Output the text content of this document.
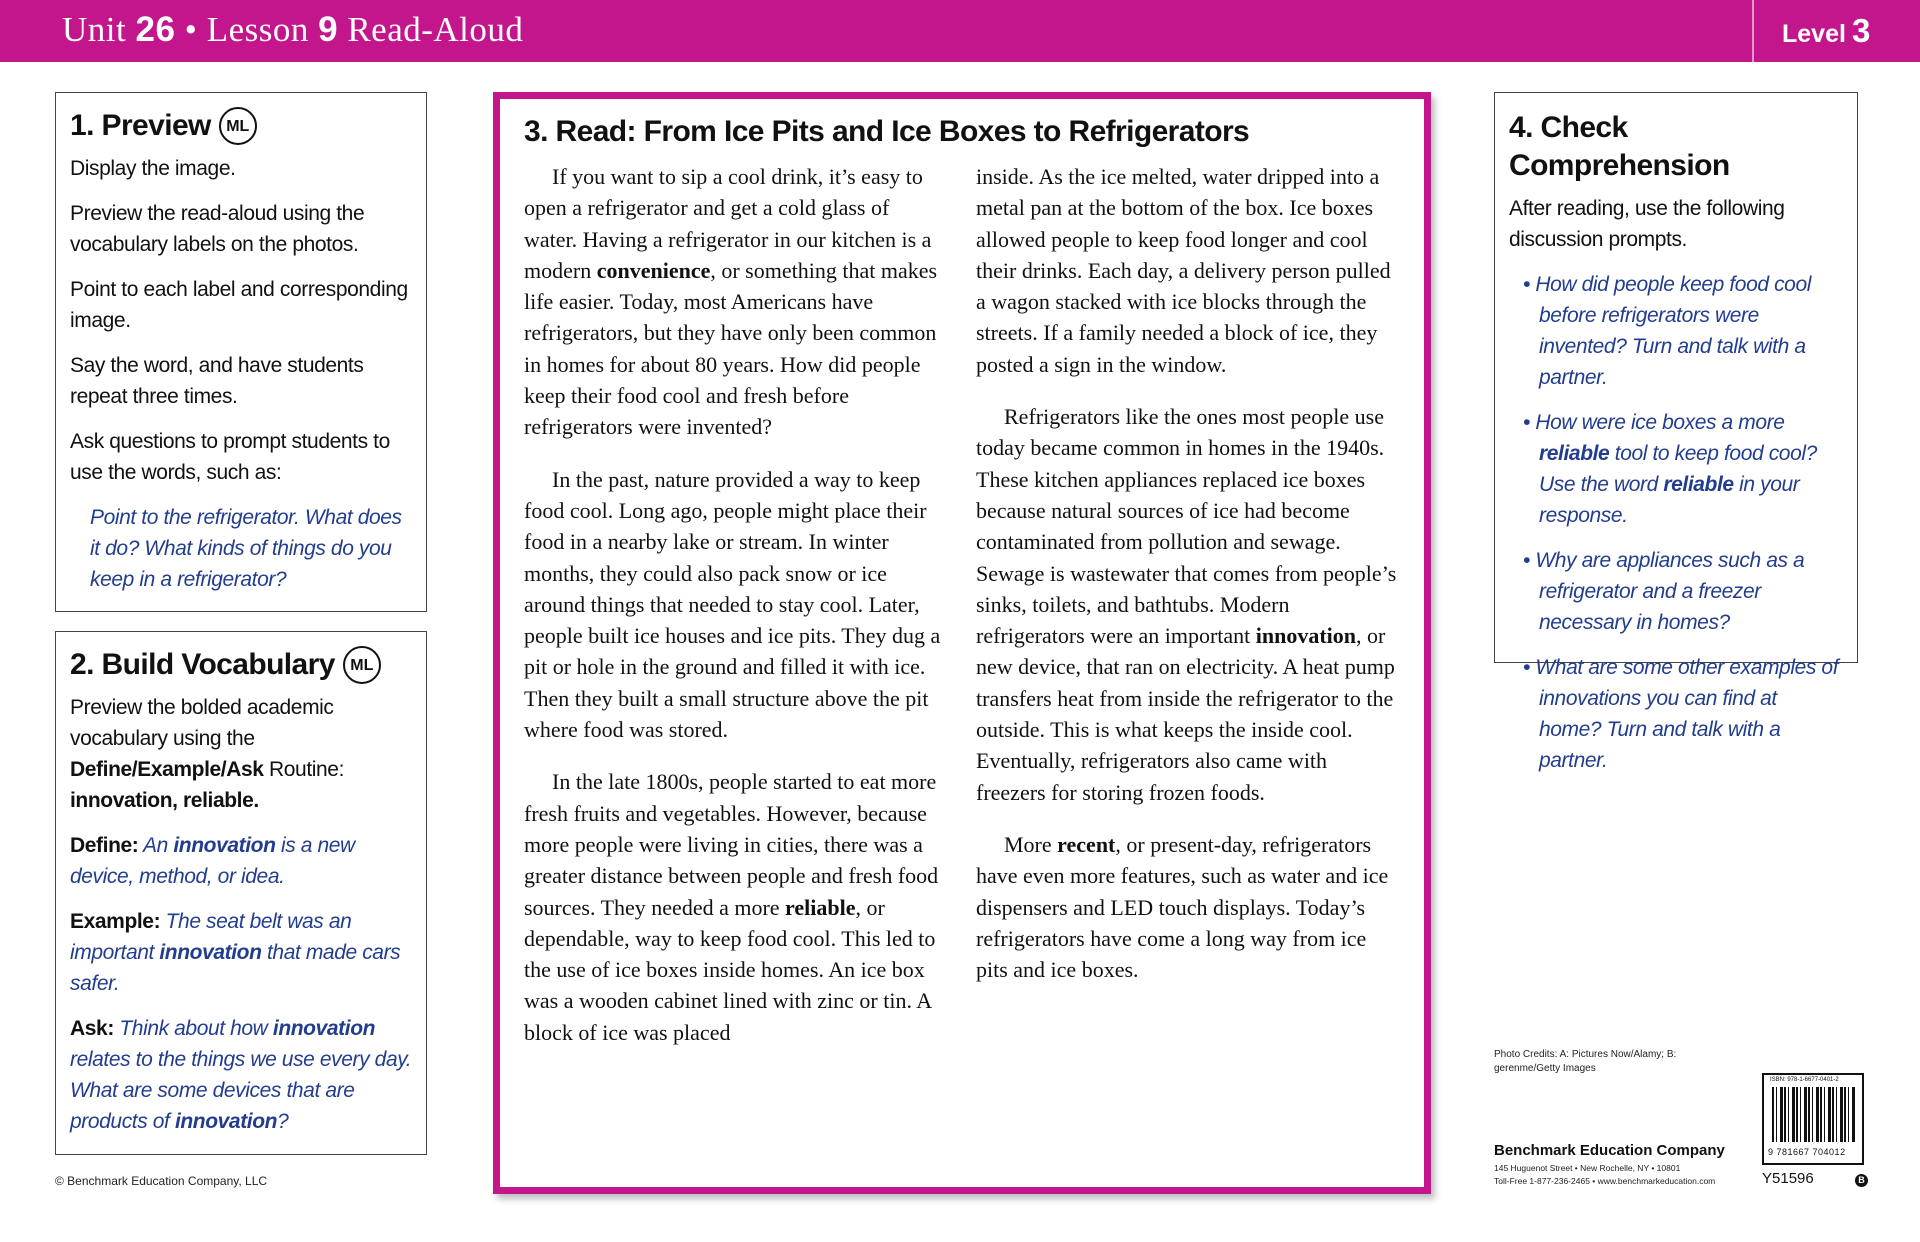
Unit 26 • Lesson 9 Read-Aloud	Level 3
1. Preview ML

Display the image.

Preview the read-aloud using the vocabulary labels on the photos.

Point to each label and corresponding image.

Say the word, and have students repeat three times.

Ask questions to prompt students to use the words, such as:

Point to the refrigerator. What does it do? What kinds of things do you keep in a refrigerator?

2. Build Vocabulary ML

Preview the bolded academic vocabulary using the Define/Example/Ask Routine: innovation, reliable.

Define: An innovation is a new device, method, or idea.

Example: The seat belt was an important innovation that made cars safer.

Ask: Think about how innovation relates to the things we use every day. What are some devices that are products of innovation?

3. Read: From Ice Pits and Ice Boxes to Refrigerators

If you want to sip a cool drink, it’s easy to open a refrigerator and get a cold glass of water. Having a refrigerator in our kitchen is a modern convenience, or something that makes life easier. Today, most Americans have refrigerators, but they have only been common in homes for about 80 years. How did people keep their food cool and fresh before refrigerators were invented?

In the past, nature provided a way to keep food cool. Long ago, people might place their food in a nearby lake or stream. In winter months, they could also pack snow or ice around things that needed to stay cool. Later, people built ice houses and ice pits. They dug a pit or hole in the ground and filled it with ice. Then they built a small structure above the pit where food was stored.

In the late 1800s, people started to eat more fresh fruits and vegetables. However, because more people were living in cities, there was a greater distance between people and fresh food sources. They needed a more reliable, or dependable, way to keep food cool. This led to the use of ice boxes inside homes. An ice box was a wooden cabinet lined with zinc or tin. A block of ice was placed

inside. As the ice melted, water dripped into a metal pan at the bottom of the box. Ice boxes allowed people to keep food longer and cool their drinks. Each day, a delivery person pulled a wagon stacked with ice blocks through the streets. If a family needed a block of ice, they posted a sign in the window.

Refrigerators like the ones most people use today became common in homes in the 1940s. These kitchen appliances replaced ice boxes because natural sources of ice had become contaminated from pollution and sewage. Sewage is wastewater that comes from people’s sinks, toilets, and bathtubs. Modern refrigerators were an important innovation, or new device, that ran on electricity. A heat pump transfers heat from inside the refrigerator to the outside. This is what keeps the inside cool. Eventually, refrigerators also came with freezers for storing frozen foods.

More recent, or present-day, refrigerators have even more features, such as water and ice dispensers and LED touch displays. Today’s refrigerators have come a long way from ice pits and ice boxes.

4. Check Comprehension

After reading, use the following discussion prompts.

• How did people keep food cool before refrigerators were invented? Turn and talk with a partner.
• How were ice boxes a more reliable tool to keep food cool? Use the word reliable in your response.
• Why are appliances such as a refrigerator and a freezer necessary in homes?
• What are some other examples of innovations you can find at home? Turn and talk with a partner.
© Benchmark Education Company, LLC
Photo Credits: A: Pictures Now/Alamy; B: gerenme/Getty Images
Benchmark Education Company
145 Huguenot Street • New Rochelle, NY • 10801
Toll-Free 1-877-236-2465 • www.benchmarkeducation.com
ISBN: 978-1-6677-0401-2
9 781667 704012
Y51596	B
